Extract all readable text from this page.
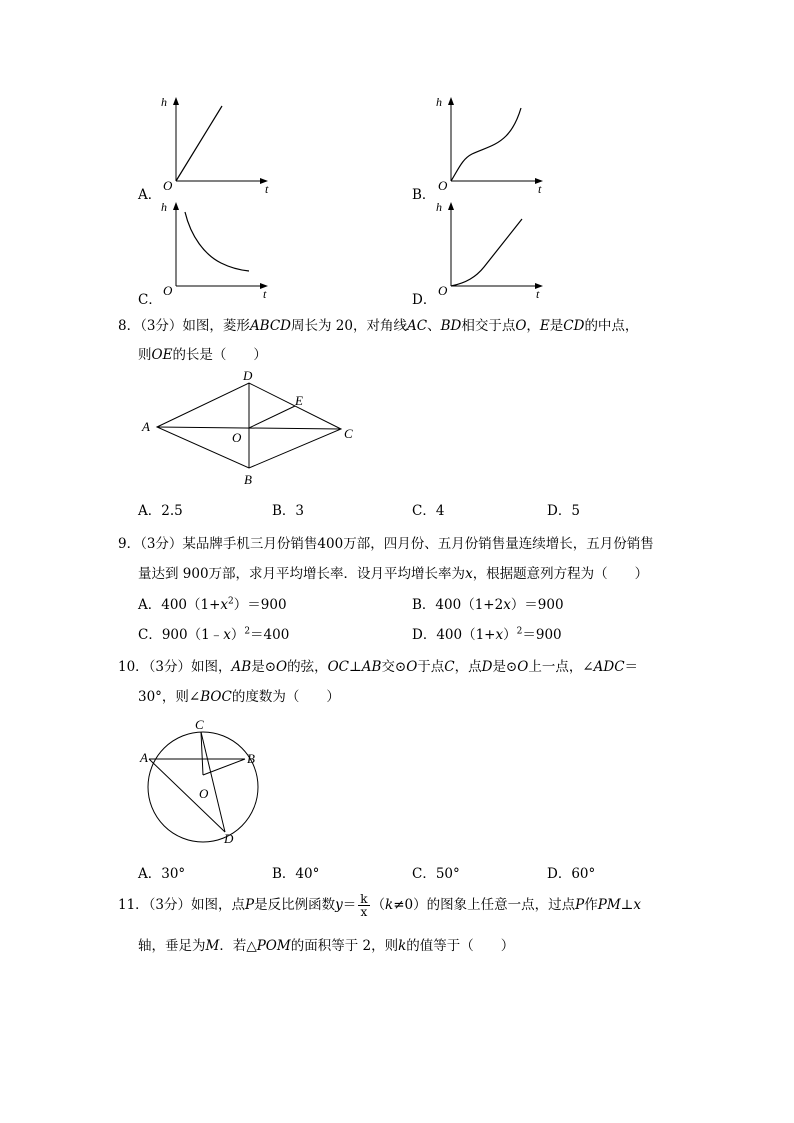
A．
h
t
O
B．
h
t
O
C．
h
t
O
D．
h
t
O
8．（3分）如图，菱形ABCD周长为 20，对角线AC、BD相交于点O，E是CD的中点，
则OE的长是（　　）
A
D
C
B
O
E
A．2.5	B．3	C．4	D．5
9．（3分）某品牌手机三月份销售400万部，四月份、五月份销售量连续增长，五月份销售
量达到 900万部，求月平均增长率．设月平均增长率为x，根据题意列方程为（　　）
A．$400(1+x^2)=900$	B．400（1+2x）＝900
C．900（1﹣x）$^2$＝400	D．$400(1+x)^2=900$
10．（3分）如图，AB是⊙O的弦，OC⊥AB交⊙O于点C，点D是⊙O上一点，∠ADC＝
30°，则∠BOC的度数为（　　）
C
A	B
O
D
A．30°	B．40°	C．50°	D．60°
11．（3分）如图，点P是反比例函数$y= \frac{k}{x} (k\ne 0)$的图象上任意一点，过点P作PM⊥x
轴，垂足为M．若△POM的面积等于 2，则k的值等于（　　）
